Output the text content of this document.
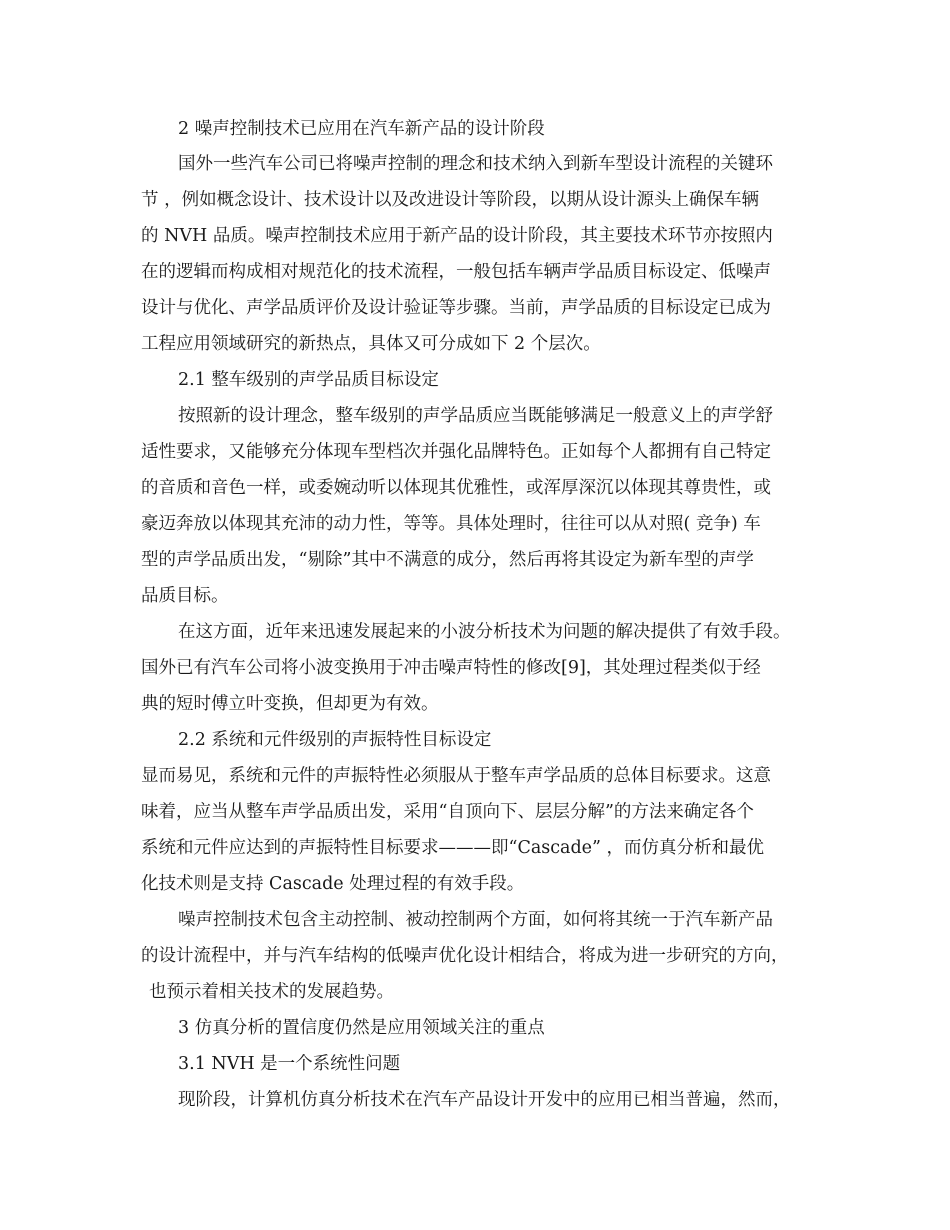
2 噪声控制技术已应用在汽车新产品的设计阶段

国外一些汽车公司已将噪声控制的理念和技术纳入到新车型设计流程的关键环

节 ，例如概念设计、技术设计以及改进设计等阶段，以期从设计源头上确保车辆

的 NVH 品质。噪声控制技术应用于新产品的设计阶段，其主要技术环节亦按照内

在的逻辑而构成相对规范化的技术流程，一般包括车辆声学品质目标设定、低噪声

设计与优化、声学品质评价及设计验证等步骤。当前，声学品质的目标设定已成为

工程应用领域研究的新热点，具体又可分成如下 2 个层次。

2.1 整车级别的声学品质目标设定

按照新的设计理念，整车级别的声学品质应当既能够满足一般意义上的声学舒

适性要求，又能够充分体现车型档次并强化品牌特色。正如每个人都拥有自己特定

的音质和音色一样，或委婉动听以体现其优雅性，或浑厚深沉以体现其尊贵性，或

豪迈奔放以体现其充沛的动力性，等等。具体处理时，往往可以从对照( 竞争) 车

型的声学品质出发，“剔除”其中不满意的成分，然后再将其设定为新车型的声学

品质目标。

在这方面，近年来迅速发展起来的小波分析技术为问题的解决提供了有效手段。

国外已有汽车公司将小波变换用于冲击噪声特性的修改[9]，其处理过程类似于经

典的短时傅立叶变换，但却更为有效。

2.2 系统和元件级别的声振特性目标设定

显而易见，系统和元件的声振特性必须服从于整车声学品质的总体目标要求。这意

味着，应当从整车声学品质出发，采用“自顶向下、层层分解”的方法来确定各个

系统和元件应达到的声振特性目标要求———即“Cascade” ，而仿真分析和最优

化技术则是支持 Cascade 处理过程的有效手段。

噪声控制技术包含主动控制、被动控制两个方面，如何将其统一于汽车新产品

的设计流程中，并与汽车结构的低噪声优化设计相结合，将成为进一步研究的方向，

也预示着相关技术的发展趋势。

3 仿真分析的置信度仍然是应用领域关注的重点

3.1 NVH 是一个系统性问题

现阶段，计算机仿真分析技术在汽车产品设计开发中的应用已相当普遍，然而，
